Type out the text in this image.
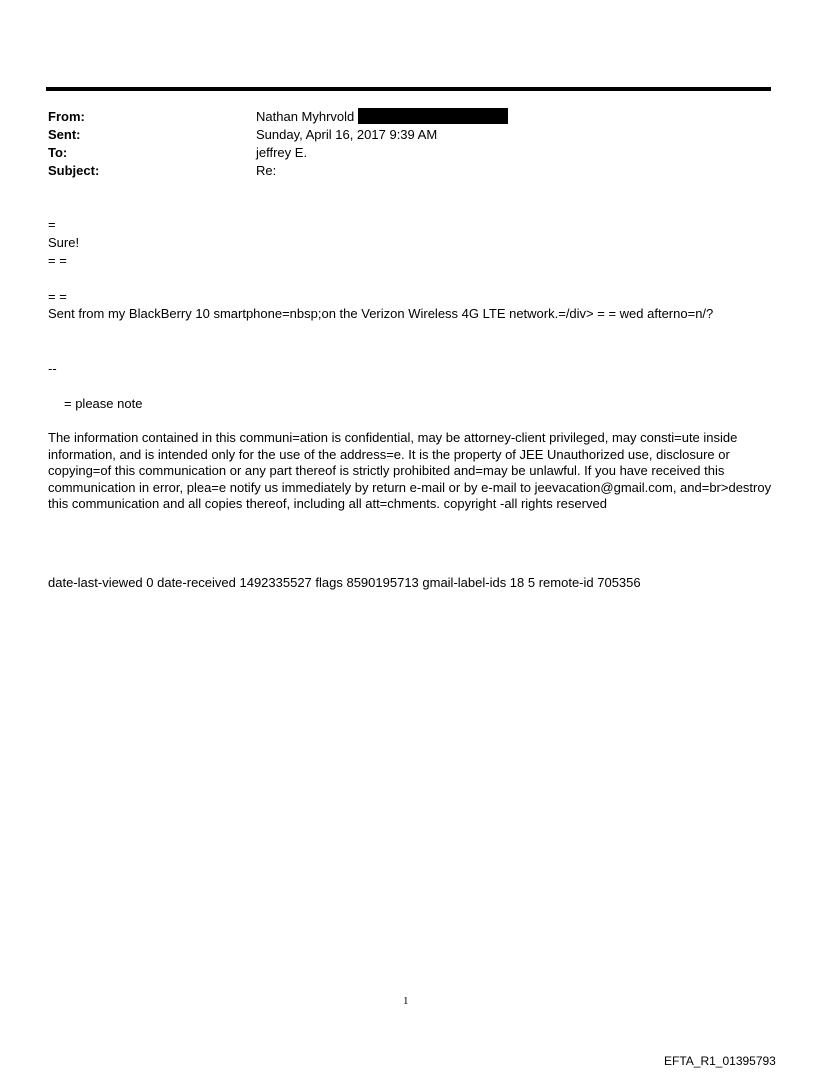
From:	Nathan Myhrvold
Sent:	Sunday, April 16, 2017 9:39 AM
To:	jeffrey E.
Subject:	Re:
=
Sure!
= =
= =
Sent from my BlackBerry 10 smartphone=nbsp;on the Verizon Wireless 4G LTE network.=/div> = = wed afterno=n/?
--
= please note
The information contained in this communi=ation is confidential, may be attorney-client privileged, may consti=ute inside information, and is intended only for the use of the address=e. It is the property of JEE Unauthorized use, disclosure or copying=of this communication or any part thereof is strictly prohibited and=may be unlawful. If you have received this communication in error, plea=e notify us immediately by return e-mail or by e-mail to jeevacation@gmail.com, and=br>destroy this communication and all copies thereof, including all att=chments. copyright -all rights reserved
date-last-viewed 0 date-received 1492335527 flags 8590195713 gmail-label-ids 18 5 remote-id 705356
1
EFTA_R1_01395793
